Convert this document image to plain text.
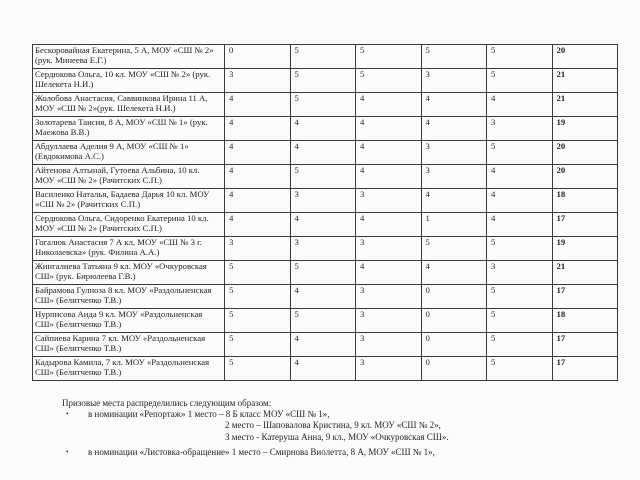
Бескоровайная Екатерина, 5 А, МОУ «СШ № 2» (рук. Минеева Е.Г.)	0	5	5	5	5	20
Сердюкова Ольга, 10 кл. МОУ «СШ № 2» (рук. Шелекета Н.И.)	3	5	5	3	5	21
Жолобова Анастасия, Саввинкова Ирина 11 А, МОУ «СШ № 2»(рук. Шелекета Н.И.)	4	5	4	4	4	21
Золотарева Таисия, 8 А, МОУ «СШ № 1» (рук. Маежова В.В.)	4	4	4	4	3	19
Абдуллаева Аделия 9 А, МОУ «СШ № 1» (Евдокимова А.С.)	4	4	4	3	5	20
Айтенова Алтынай, Гутоева Альбина, 10 кл. МОУ «СШ № 2» (Рачитских С.П.)	4	5	4	3	4	20
Василенко Наталья, Бадаева Дарья 10 кл. МОУ «СШ № 2» (Рачитских С.П.)	4	3	3	4	4	18
Сердюкова Ольга, Сидоренко Екатерина 10 кл. МОУ «СШ № 2» (Рачитских С.П.)	4	4	4	1	4	17
Гогалюк Анастасия 7 А кл, МОУ «СШ № 3 г. Николаевска» (рук. Филина А.А.)	3	3	3	5	5	19
Жингалиева Татьяна 9 кл. МОУ «Очкуровская СШ» (рук. Бирюлеева Г.В.)	5	5	4	4	3	21
Байрамова Гулноза 8 кл. МОУ «Раздольненская СШ» (Белитченко Т.В.)	5	4	3	0	5	17
Нурписова Аида 9 кл. МОУ «Раздольненская СШ» (Белитченко Т.В.)	5	5	3	0	5	18
Сайпиева Карина 7 кл. МОУ «Раздольненская СШ» (Белитченко Т.В.)	5	4	3	0	5	17
Кадырова Камила, 7 кл. МОУ «Раздольненская СШ» (Белитченко Т.В.)	5	4	3	0	5	17
Призовые места распределились следующим образом:
• в номинации «Репортаж» 1 место – 8 Б класс МОУ «СШ № 1»,
2 место – Шаповалова Кристина, 9 кл. МОУ «СШ № 2»,
3 место - Катеруша Анна, 9 кл., МОУ «Очкуровская СШ».
• в номинации «Листовка-обращение» 1 место – Смирнова Виолетта, 8 А, МОУ «СШ № 1»,
